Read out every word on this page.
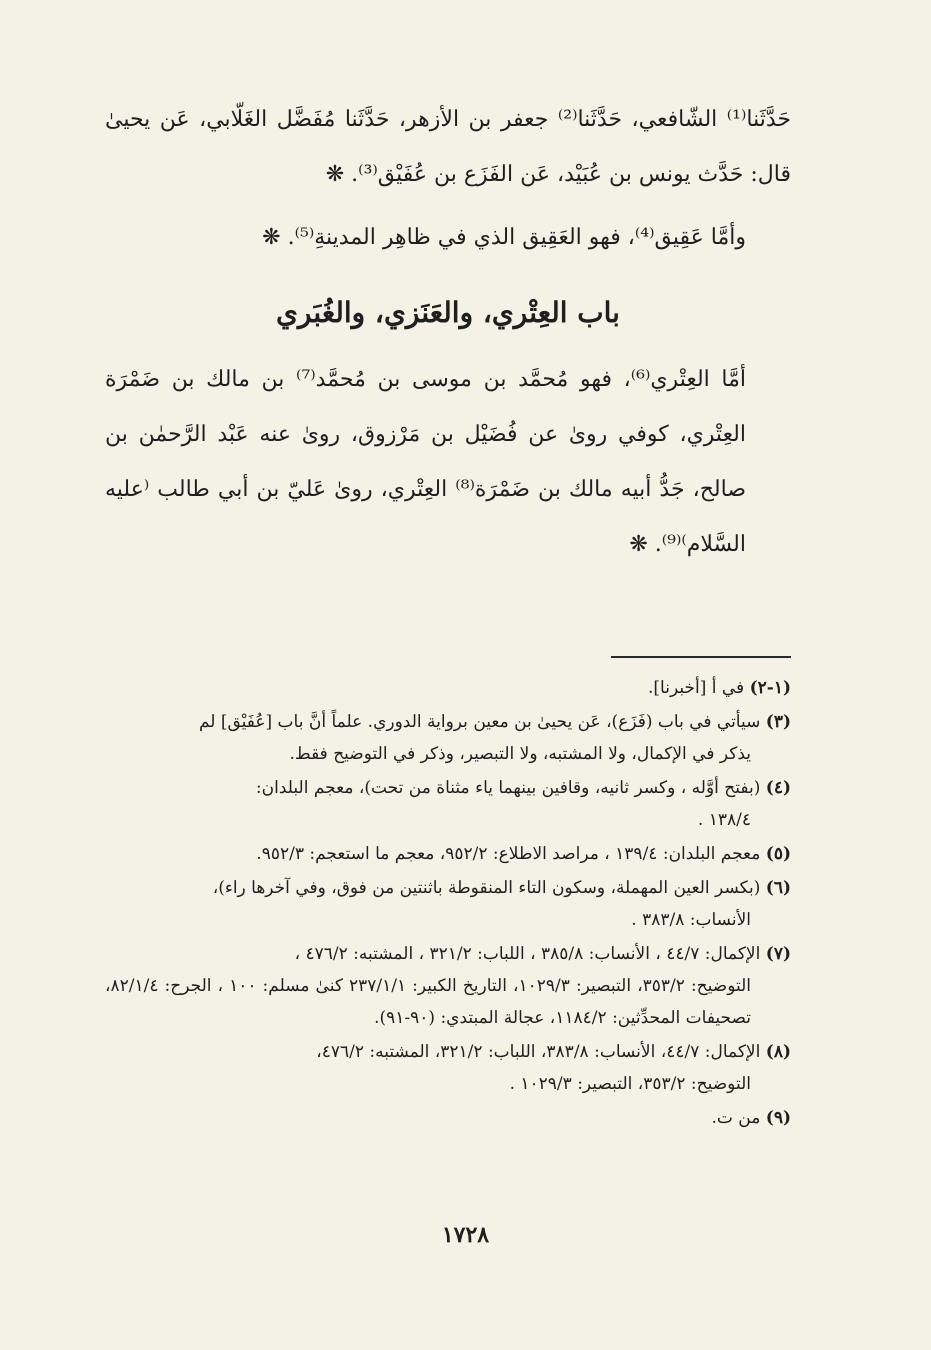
حَدَّثَنا⁽¹⁾ الشّافعي، حَدَّثَنا⁽²⁾ جعفر بن الأزهر، حَدَّثَنا مُفَضَّل الغَلّابي، عَن يحيىٰ قال: حَدَّث يونس بن عُبَيْد، عَن الفَزَع بن عُفَيْق⁽³⁾. ❋

وأمَّا عَقِيق⁽⁴⁾، فهو العَقِيق الذي في ظاهِر المدينةِ⁽⁵⁾. ❋

باب العِتْري، والعَنَزي، والغُبَري

أمَّا العِتْري⁽⁶⁾، فهو مُحمَّد بن موسى بن مُحمَّد⁽⁷⁾ بن مالك بن ضَمْرَة العِتْري، كوفي روىٰ عن فُضَيْل بن مَرْزوق، روىٰ عنه عَبْد الرَّحمٰن بن صالح، جَدُّ أبيه مالك بن ضَمْرَة⁽⁸⁾ العِتْري، روىٰ عَليّ بن أبي طالب ⁽عليه السَّلام⁾⁽⁹⁾. ❋

(١-٢) في أ [أخبرنا].
(٣) سيأتي في باب (فَزَع)، عَن يحيىٰ بن معين برواية الدوري. علماً أنَّ باب [عُفَيْق] لم
يذكر في الإكمال، ولا المشتبه، ولا التبصير، وذكر في التوضيح فقط.
(٤) (بفتح أوَّله ، وكسر ثانيه، وقافين بينهما ياء مثناة من تحت)، معجم البلدان:
١٣٨/٤ .
(٥) معجم البلدان: ١٣٩/٤ ، مراصد الاطلاع: ٩٥٢/٢، معجم ما استعجم: ٩٥٢/٣.
(٦) (بكسر العين المهملة، وسكون التاء المنقوطة باثنتين من فوق، وفي آخرها راء)،
الأنساب: ٣٨٣/٨ .
(٧) الإكمال: ٤٤/٧ ، الأنساب: ٣٨٥/٨ ، اللباب: ٣٢١/٢ ، المشتبه: ٤٧٦/٢ ،
التوضيح: ٣٥٣/٢، التبصير: ١٠٢٩/٣، التاريخ الكبير: ٢٣٧/١/١ كنىٰ مسلم: ١٠٠ ، الجرح: ٨٢/١/٤، تصحيفات المحدِّثين: ١١٨٤/٢، عجالة المبتدي: (٩٠-٩١).
(٨) الإكمال: ٤٤/٧، الأنساب: ٣٨٣/٨، اللباب: ٣٢١/٢، المشتبه: ٤٧٦/٢،
التوضيح: ٣٥٣/٢، التبصير: ١٠٢٩/٣ .
(٩) من ت.
١٧٢٨
